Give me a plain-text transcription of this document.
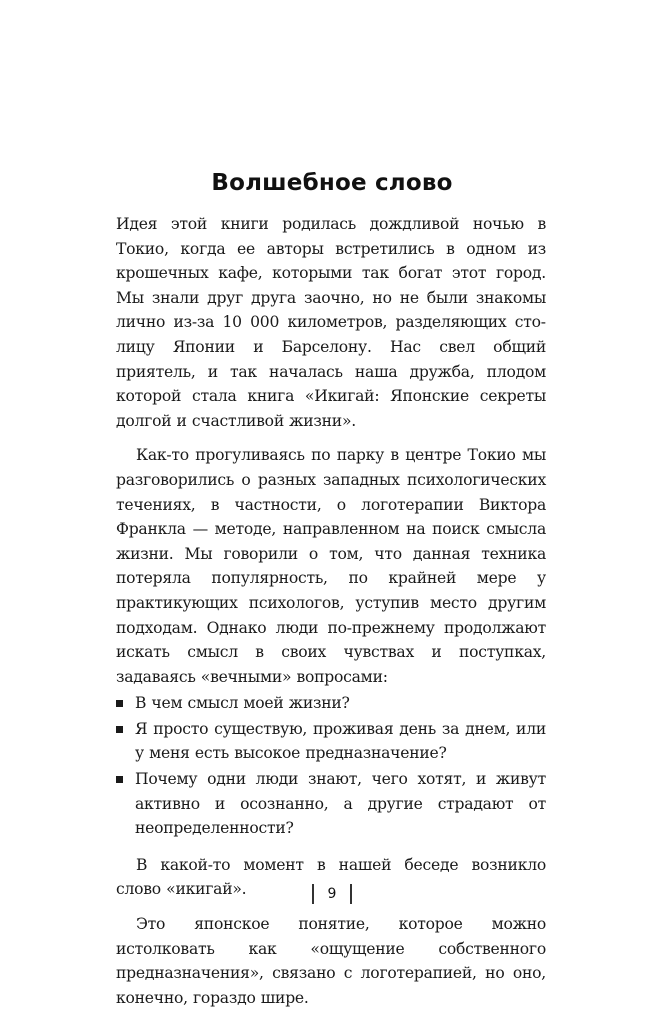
Волшебное слово

Идея этой книги родилась дождливой ночью в Токио, когда ее авторы встретились в одном из крошечных кафе, которыми так богат этот город. Мы знали друг друга заочно, но не были знакомы лично из-за 10 000 километров, разделяющих столицу Японии и Барселону. Нас свел общий приятель, и так началась наша дружба, плодом которой стала книга «Икигай: Японские секреты долгой и счастливой жизни».

Как-то прогуливаясь по парку в центре Токио мы разговорились о разных западных психологических течениях, в частности, о логотерапии Виктора Франкла — методе, направленном на поиск смысла жизни. Мы говорили о том, что данная техника потеряла популярность, по крайней мере у практикующих психологов, уступив место другим подходам. Однако люди по-прежнему продолжают искать смысл в своих чувствах и поступках, задаваясь «вечными» вопросами:

В чем смысл моей жизни?
Я просто существую, проживая день за днем, или у меня есть высокое предназначение?
Почему одни люди знают, чего хотят, и живут активно и осознанно, а другие страдают от неопределенности?

В какой-то момент в нашей беседе возникло слово «икигай».

Это японское понятие, которое можно истолковать как «ощущение собственного предназначения», связано с логотерапией, но оно, конечно, гораздо шире.

9
